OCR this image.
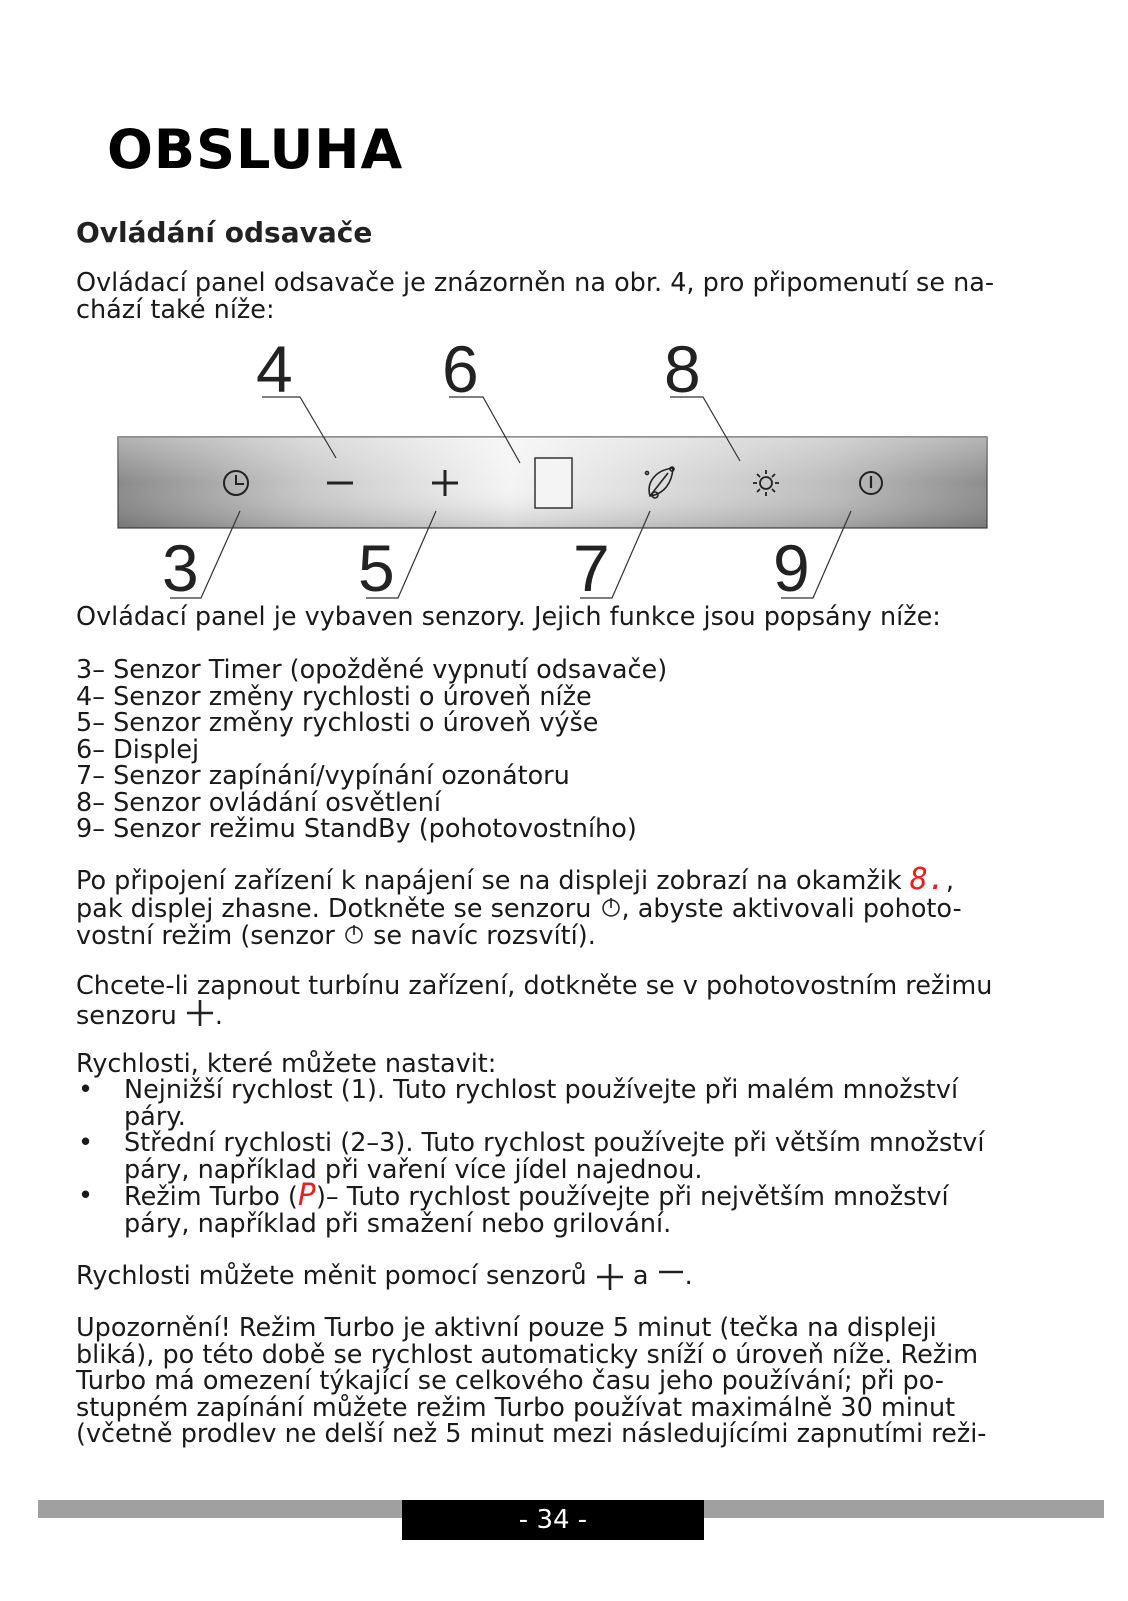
OBSLUHA
Ovládání odsavače

Ovládací panel odsavače je znázorněn na obr. 4, pro připomenutí se na-
chází také níže:

4 6	8
3 5	7 9

Ovládací panel je vybaven senzory. Jejich funkce jsou popsány níže:

3– Senzor Timer (opožděné vypnutí odsavače)
4– Senzor změny rychlosti o úroveň níže
5– Senzor změny rychlosti o úroveň výše
6– Displej
7– Senzor zapínání/vypínání ozonátoru
8– Senzor ovládání osvětlení
9– Senzor režimu StandBy (pohotovostního)

Po připojení zařízení k napájení se na displeji zobrazí na okamžik 8.,
pak displej zhasne. Dotkněte se senzoru , abyste aktivovali pohoto-
vostní režim (senzor  se navíc rozsvítí).

Chcete-li zapnout turbínu zařízení, dotkněte se v pohotovostním režimu
senzoru .

Rychlosti, které můžete nastavit:

• Nejnižší rychlost (1). Tuto rychlost používejte při malém množství
páry.
• Střední rychlosti (2–3). Tuto rychlost používejte při větším množství
páry, například při vaření více jídel najednou.
• Režim Turbo (P)– Tuto rychlost používejte při největším množství
páry, například při smažení nebo grilování.

Rychlosti můžete měnit pomocí senzorů  a .

Upozornění! Režim Turbo je aktivní pouze 5 minut (tečka na displeji
bliká), po této době se rychlost automaticky sníží o úroveň níže. Režim
Turbo má omezení týkající se celkového času jeho používání; při po-
stupném zapínání můžete režim Turbo používat maximálně 30 minut
(včetně prodlev ne delší než 5 minut mezi následujícími zapnutími reži-

- 34 -
